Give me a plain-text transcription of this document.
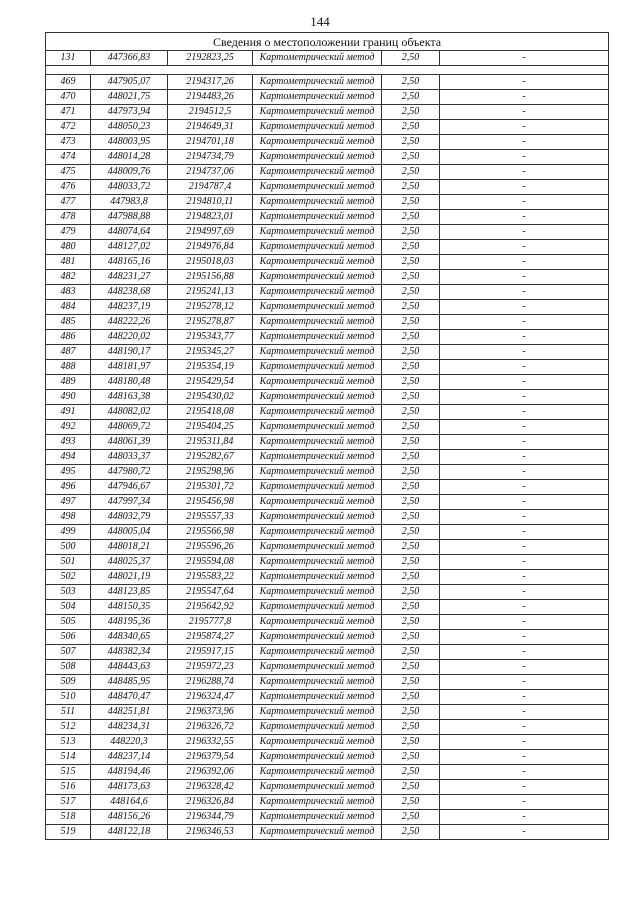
144
Сведения о местоположении границ объекта					
131	447366,83	2192823,25	Картометрический метод	2,50	-

469	447905,07	2194317,26	Картометрический метод	2,50	-
470	448021,75	2194483,26	Картометрический метод	2,50	-
471	447973,94	2194512,5	Картометрический метод	2,50	-
472	448050,23	2194649,31	Картометрический метод	2,50	-
473	448003,95	2194701,18	Картометрический метод	2,50	-
474	448014,28	2194734,79	Картометрический метод	2,50	-
475	448009,76	2194737,06	Картометрический метод	2,50	-
476	448033,72	2194787,4	Картометрический метод	2,50	-
477	447983,8	2194810,11	Картометрический метод	2,50	-
478	447988,88	2194823,01	Картометрический метод	2,50	-
479	448074,64	2194997,69	Картометрический метод	2,50	-
480	448127,02	2194976,84	Картометрический метод	2,50	-
481	448165,16	2195018,03	Картометрический метод	2,50	-
482	448231,27	2195156,88	Картометрический метод	2,50	-
483	448238,68	2195241,13	Картометрический метод	2,50	-
484	448237,19	2195278,12	Картометрический метод	2,50	-
485	448222,26	2195278,87	Картометрический метод	2,50	-
486	448220,02	2195343,77	Картометрический метод	2,50	-
487	448190,17	2195345,27	Картометрический метод	2,50	-
488	448181,97	2195354,19	Картометрический метод	2,50	-
489	448180,48	2195429,54	Картометрический метод	2,50	-
490	448163,38	2195430,02	Картометрический метод	2,50	-
491	448082,02	2195418,08	Картометрический метод	2,50	-
492	448069,72	2195404,25	Картометрический метод	2,50	-
493	448061,39	2195311,84	Картометрический метод	2,50	-
494	448033,37	2195282,67	Картометрический метод	2,50	-
495	447980,72	2195298,96	Картометрический метод	2,50	-
496	447946,67	2195301,72	Картометрический метод	2,50	-
497	447997,34	2195456,98	Картометрический метод	2,50	-
498	448032,79	2195557,33	Картометрический метод	2,50	-
499	448005,04	2195566,98	Картометрический метод	2,50	-
500	448018,21	2195596,26	Картометрический метод	2,50	-
501	448025,37	2195594,08	Картометрический метод	2,50	-
502	448021,19	2195583,22	Картометрический метод	2,50	-
503	448123,85	2195547,64	Картометрический метод	2,50	-
504	448150,35	2195642,92	Картометрический метод	2,50	-
505	448195,36	2195777,8	Картометрический метод	2,50	-
506	448340,65	2195874,27	Картометрический метод	2,50	-
507	448382,34	2195917,15	Картометрический метод	2,50	-
508	448443,63	2195972,23	Картометрический метод	2,50	-
509	448485,95	2196288,74	Картометрический метод	2,50	-
510	448470,47	2196324,47	Картометрический метод	2,50	-
511	448251,81	2196373,96	Картометрический метод	2,50	-
512	448234,31	2196326,72	Картометрический метод	2,50	-
513	448220,3	2196332,55	Картометрический метод	2,50	-
514	448237,14	2196379,54	Картометрический метод	2,50	-
515	448194,46	2196392,06	Картометрический метод	2,50	-
516	448173,63	2196328,42	Картометрический метод	2,50	-
517	448164,6	2196326,84	Картометрический метод	2,50	-
518	448156,26	2196344,79	Картометрический метод	2,50	-
519	448122,18	2196346,53	Картометрический метод	2,50	-
